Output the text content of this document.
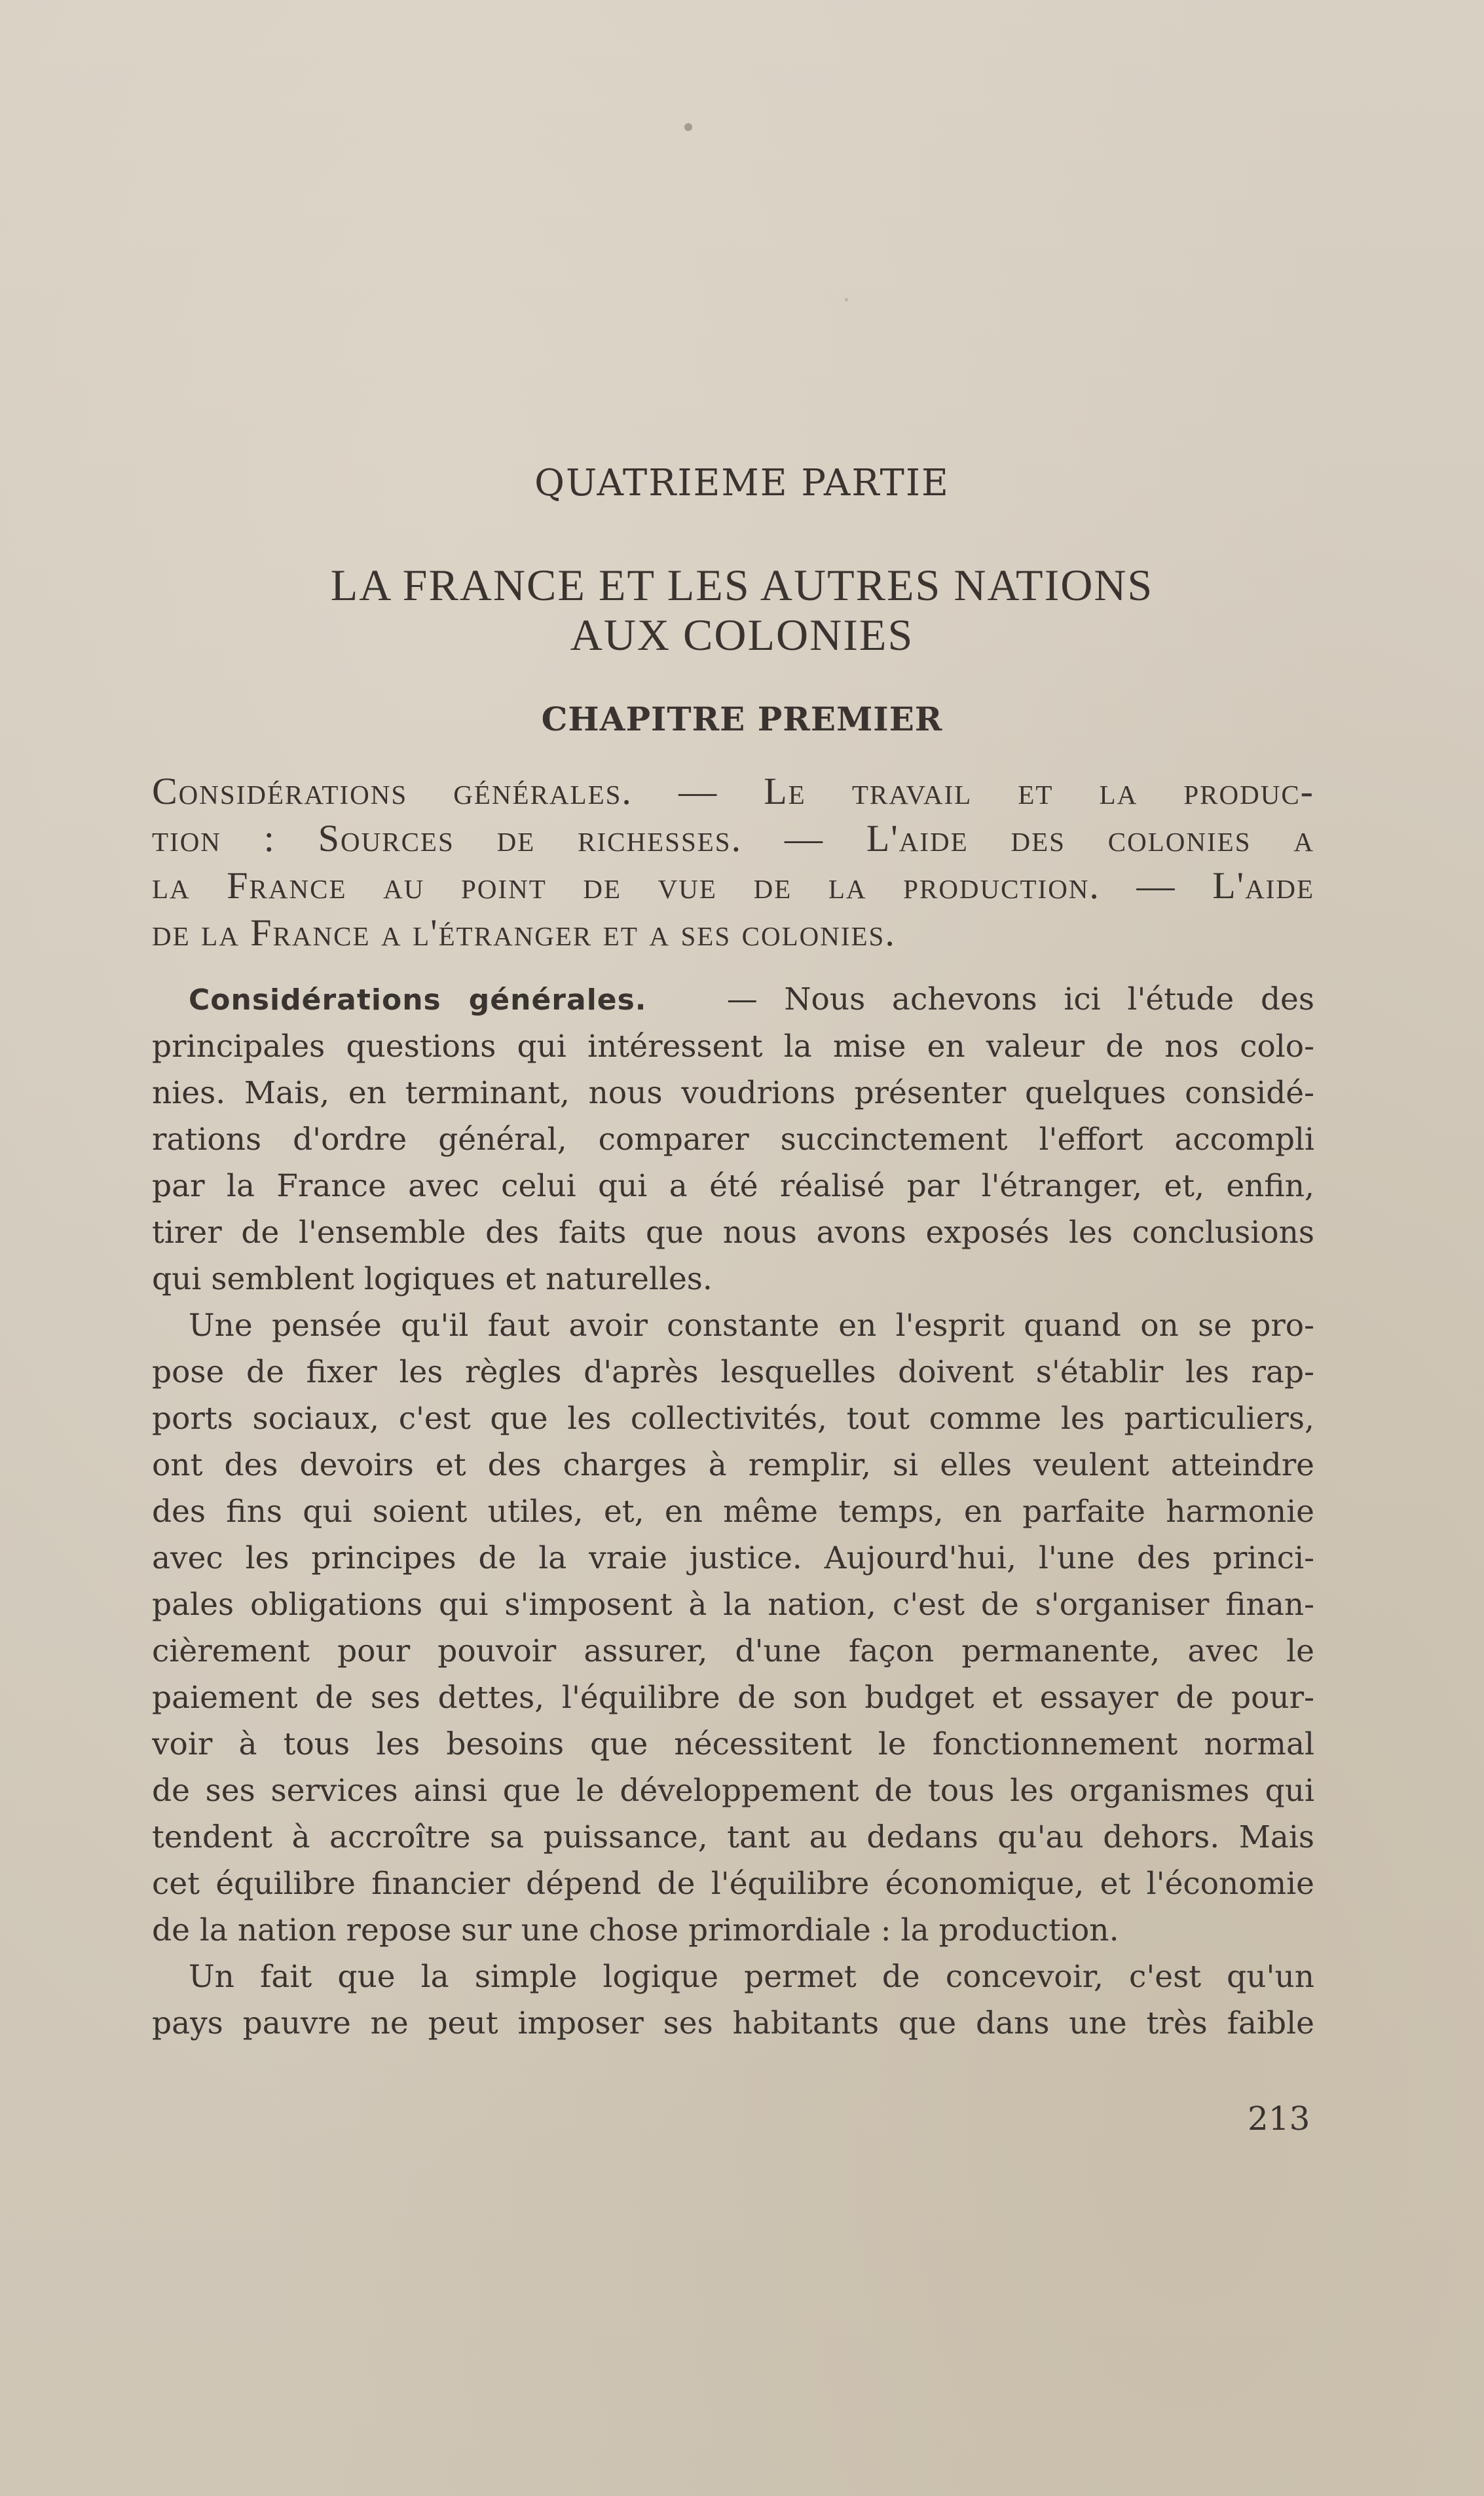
QUATRIEME PARTIE
LA FRANCE ET LES AUTRES NATIONS
AUX COLONIES
CHAPITRE PREMIER
Considérations générales. — Le travail et la produc-
tion : Sources de richesses. — L'aide des colonies a
la France au point de vue de la production. — L'aide
de la France a l'étranger et a ses colonies.
Considérations générales.	— Nous achevons ici l'étude des
principales questions qui intéressent la mise en valeur de nos colo-
nies. Mais, en terminant, nous voudrions présenter quelques considé-
rations d'ordre général, comparer succinctement l'effort accompli
par la France avec celui qui a été réalisé par l'étranger, et, enfin,
tirer de l'ensemble des faits que nous avons exposés les conclusions
qui semblent logiques et naturelles.
Une pensée qu'il faut avoir constante en l'esprit quand on se pro-
pose de fixer les règles d'après lesquelles doivent s'établir les rap-
ports sociaux, c'est que les collectivités, tout comme les particuliers,
ont des devoirs et des charges à remplir, si elles veulent atteindre
des fins qui soient utiles, et, en même temps, en parfaite harmonie
avec les principes de la vraie justice. Aujourd'hui, l'une des princi-
pales obligations qui s'imposent à la nation, c'est de s'organiser finan-
cièrement pour pouvoir assurer, d'une façon permanente, avec le
paiement de ses dettes, l'équilibre de son budget et essayer de pour-
voir à tous les besoins que nécessitent le fonctionnement normal
de ses services ainsi que le développement de tous les organismes qui
tendent à accroître sa puissance, tant au dedans qu'au dehors. Mais
cet équilibre financier dépend de l'équilibre économique, et l'économie
de la nation repose sur une chose primordiale : la production.
Un fait que la simple logique permet de concevoir, c'est qu'un
pays pauvre ne peut imposer ses habitants que dans une très faible
213
